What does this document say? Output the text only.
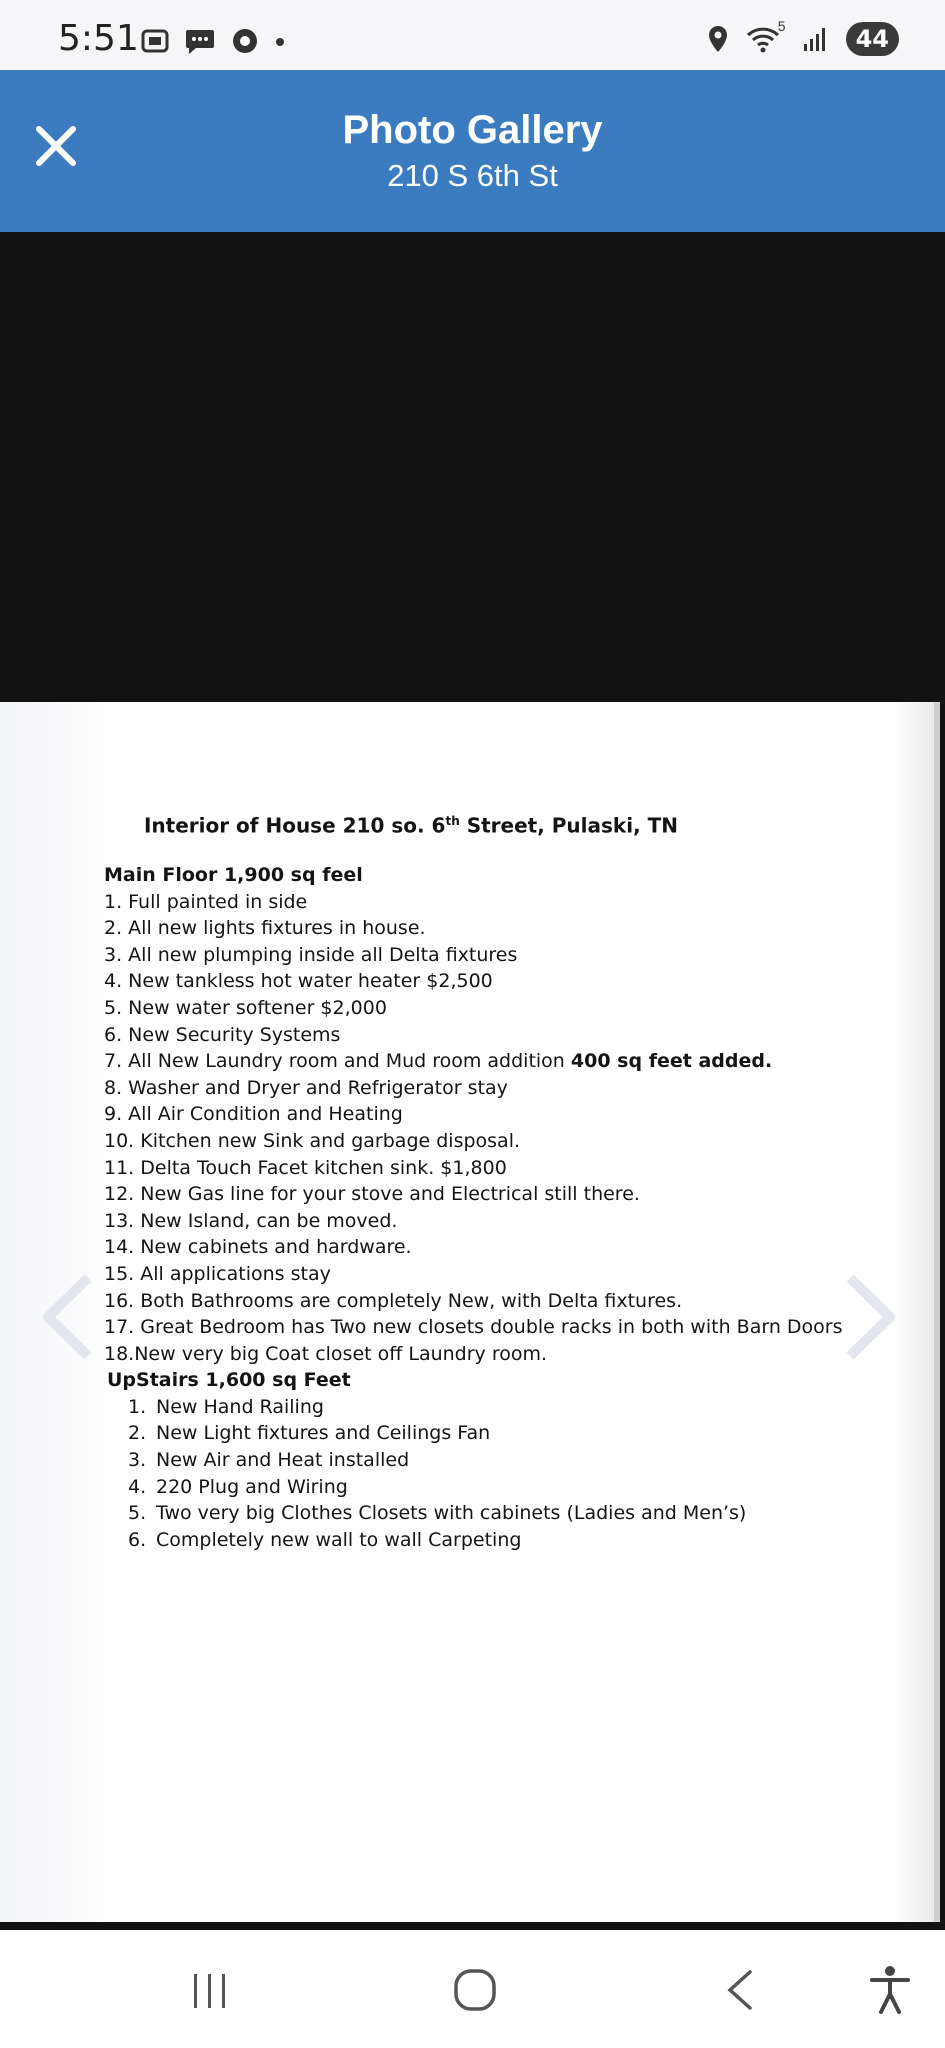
5:51	5	44
Photo Gallery
210 S 6th St
Interior of House 210 so. 6th Street, Pulaski, TN
Main Floor 1,900 sq feel
1. Full painted in side
2. All new lights fixtures in house.
3. All new plumping inside all Delta fixtures
4. New tankless hot water heater $2,500
5. New water softener $2,000
6. New Security Systems
7. All New Laundry room and Mud room addition 400 sq feet added.
8. Washer and Dryer and Refrigerator stay
9. All Air Condition and Heating
10. Kitchen new Sink and garbage disposal.
11. Delta Touch Facet kitchen sink. $1,800
12. New Gas line for your stove and Electrical still there.
13. New Island, can be moved.
14. New cabinets and hardware.
15. All applications stay
16. Both Bathrooms are completely New, with Delta fixtures.
17. Great Bedroom has Two new closets double racks in both with Barn Doors
18.New very big Coat closet off Laundry room.
UpStairs 1,600 sq Feet
1. New Hand Railing
2. New Light fixtures and Ceilings Fan
3. New Air and Heat installed
4. 220 Plug and Wiring
5. Two very big Clothes Closets with cabinets (Ladies and Men’s)
6. Completely new wall to wall Carpeting
